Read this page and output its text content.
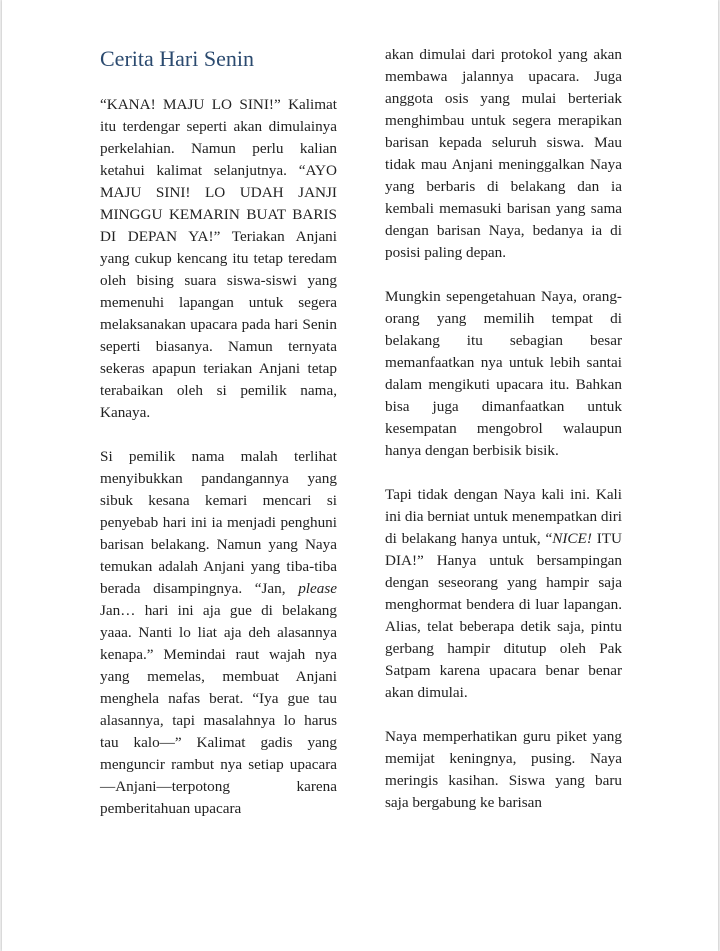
Cerita Hari Senin

“KANA! MAJU LO SINI!” Kalimat itu terdengar seperti akan dimulainya perkelahian. Namun perlu kalian ketahui kalimat selanjutnya. “AYO MAJU SINI! LO UDAH JANJI MINGGU KEMARIN BUAT BARIS DI DEPAN YA!” Teriakan Anjani yang cukup kencang itu tetap teredam oleh bising suara siswa-siswi yang memenuhi lapangan untuk segera melaksanakan upacara pada hari Senin seperti biasanya. Namun ternyata sekeras apapun teriakan Anjani tetap terabaikan oleh si pemilik nama, Kanaya.

Si pemilik nama malah terlihat menyibukkan pandangannya yang sibuk kesana kemari mencari si penyebab hari ini ia menjadi penghuni barisan belakang. Namun yang Naya temukan adalah Anjani yang tiba-tiba berada disampingnya. “Jan, please Jan… hari ini aja gue di belakang yaaa. Nanti lo liat aja deh alasannya kenapa.” Memindai raut wajah nya yang memelas, membuat Anjani menghela nafas berat. “Iya gue tau alasannya, tapi masalahnya lo harus tau kalo—” Kalimat gadis yang menguncir rambut nya setiap upacara—Anjani—terpotong karena pemberitahuan upacara

akan dimulai dari protokol yang akan membawa jalannya upacara. Juga anggota osis yang mulai berteriak menghimbau untuk segera merapikan barisan kepada seluruh siswa. Mau tidak mau Anjani meninggalkan Naya yang berbaris di belakang dan ia kembali memasuki barisan yang sama dengan barisan Naya, bedanya ia di posisi paling depan.

Mungkin sepengetahuan Naya, orang-orang yang memilih tempat di belakang itu sebagian besar memanfaatkan nya untuk lebih santai dalam mengikuti upacara itu. Bahkan bisa juga dimanfaatkan untuk kesempatan mengobrol walaupun hanya dengan berbisik bisik.

Tapi tidak dengan Naya kali ini. Kali ini dia berniat untuk menempatkan diri di belakang hanya untuk, “NICE! ITU DIA!” Hanya untuk bersampingan dengan seseorang yang hampir saja menghormat bendera di luar lapangan. Alias, telat beberapa detik saja, pintu gerbang hampir ditutup oleh Pak Satpam karena upacara benar benar akan dimulai.

Naya memperhatikan guru piket yang memijat keningnya, pusing. Naya meringis kasihan. Siswa yang baru saja bergabung ke barisan
